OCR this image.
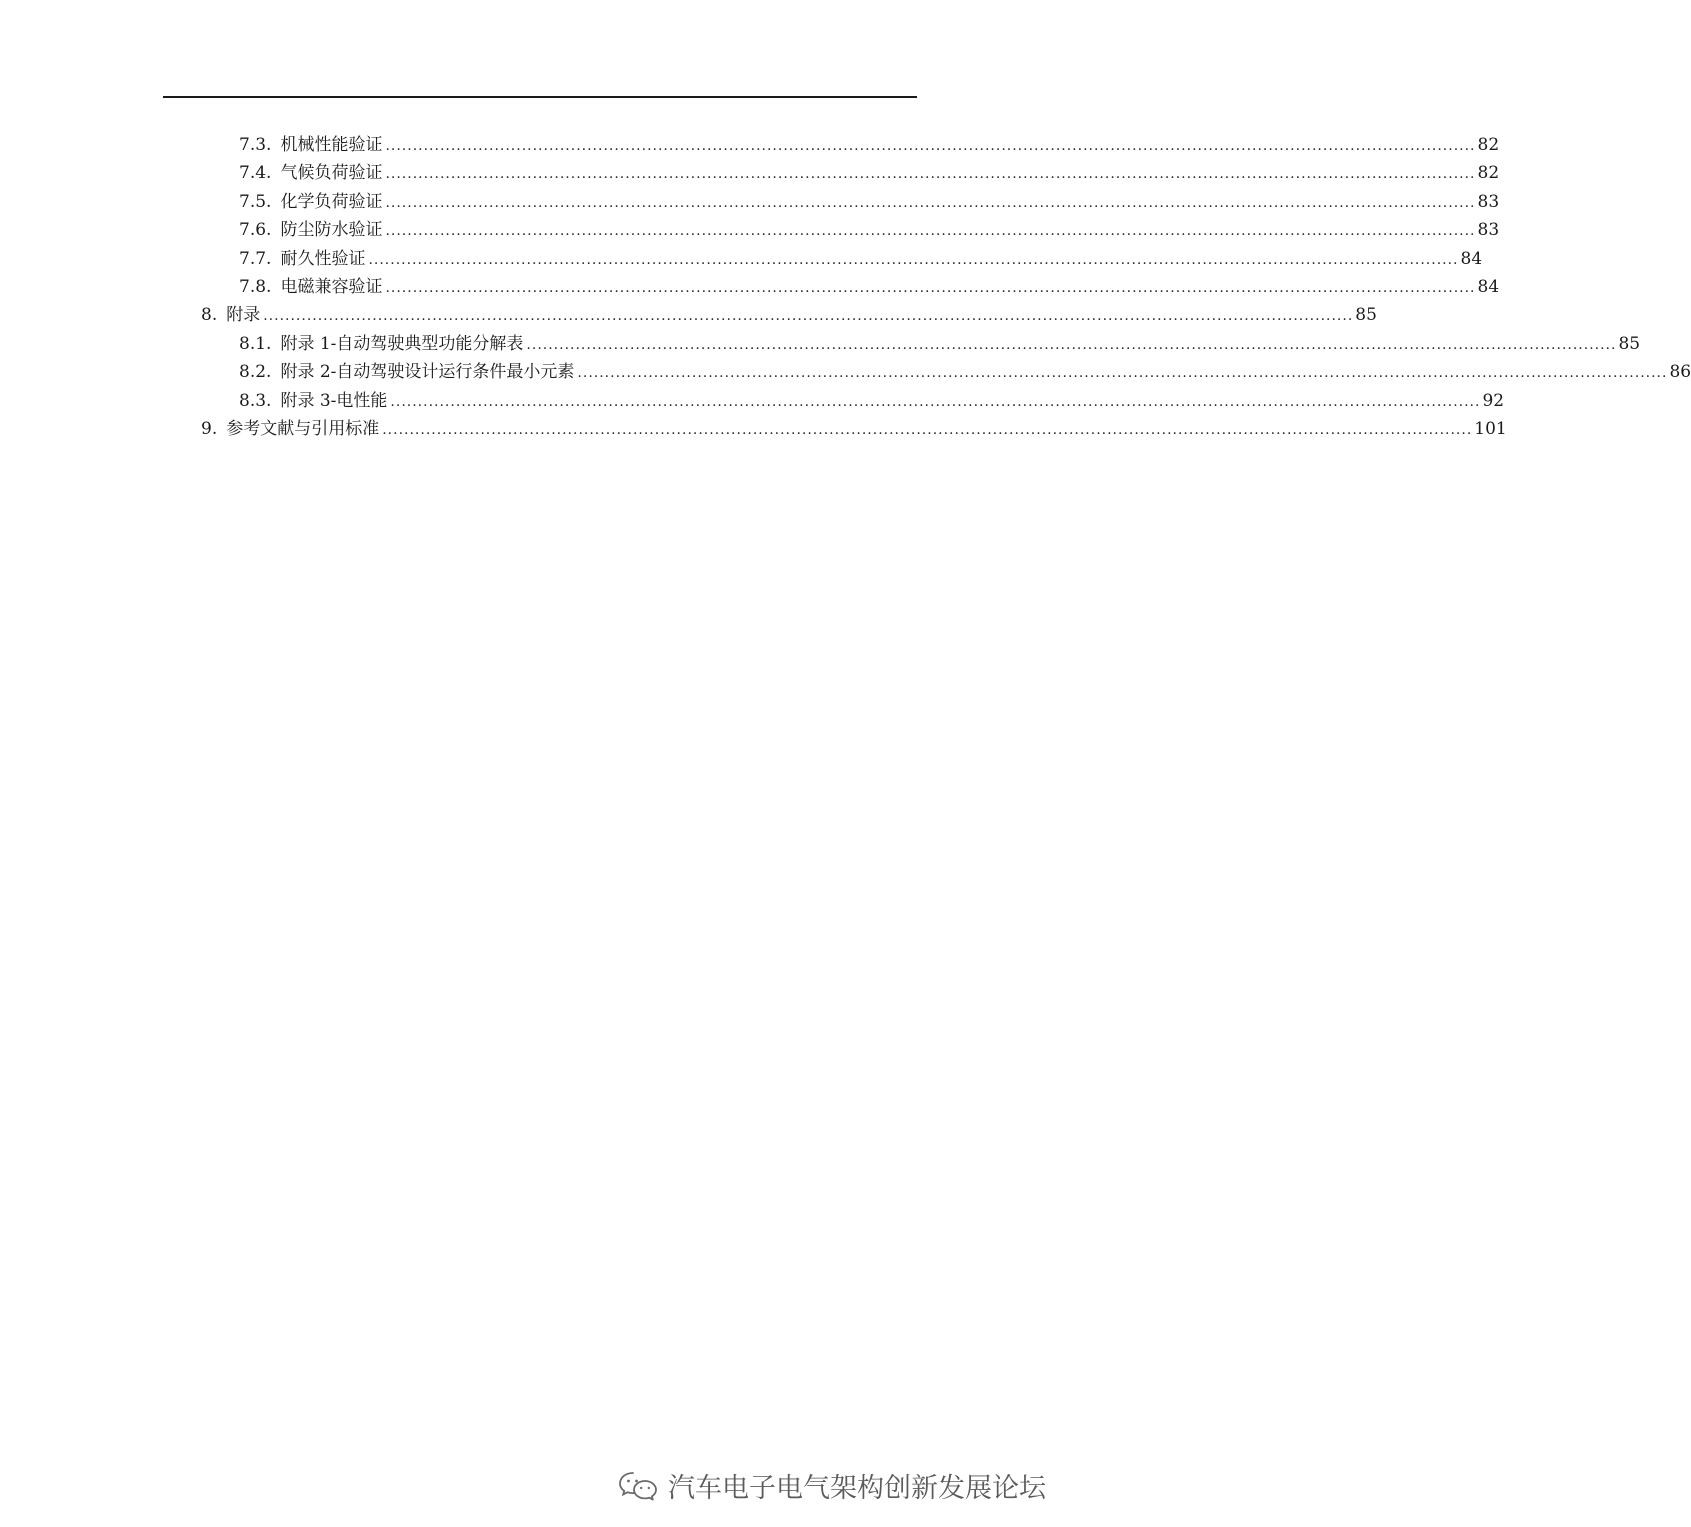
7.3. 机械性能验证 ........................................................................................................................................................................................................ 82
7.4. 气候负荷验证 ........................................................................................................................................................................................................ 82
7.5. 化学负荷验证 ........................................................................................................................................................................................................ 83
7.6. 防尘防水验证 ........................................................................................................................................................................................................ 83
7.7. 耐久性验证 ........................................................................................................................................................................................................ 84
7.8. 电磁兼容验证 ........................................................................................................................................................................................................ 84
8. 附录 ........................................................................................................................................................................................................ 85
8.1. 附录 1-自动驾驶典型功能分解表 ........................................................................................................................................................................................................ 85
8.2. 附录 2-自动驾驶设计运行条件最小元素 ........................................................................................................................................................................................................ 86
8.3. 附录 3-电性能 ........................................................................................................................................................................................................ 92
9. 参考文献与引用标准 ........................................................................................................................................................................................................ 101
汽车电子电气架构创新发展论坛
